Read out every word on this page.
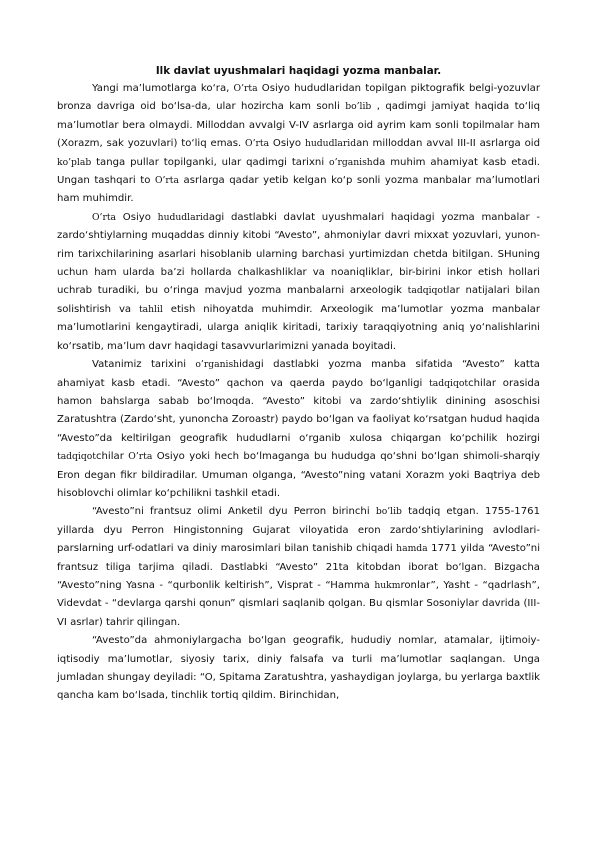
Ilk davlat uyushmalari haqidagi yozma manbalar.

Yangi ma’lumotlarga ko‘ra, O’rta Osiyo hududlaridan topilgan piktografik belgi-yozuvlar bronza davriga oid bo‘lsa-da, ular hozircha kam sonli bo’lib , qadimgi jamiyat haqida to‘liq ma’lumotlar bera olmaydi. Milloddan avvalgi V-IV asrlarga oid ayrim kam sonli topilmalar ham (Xorazm, sak yozuvlari) to‘liq emas. O’rta Osiyo hududlaridan milloddan avval III-II asrlarga oid ko’plab tanga pullar topilganki, ular qadimgi tarixni o’rganishda muhim ahamiyat kasb etadi. Ungan tashqari to O’rta asrlarga qadar yetib kelgan ko‘p sonli yozma manbalar ma’lumotlari ham muhimdir.

O’rta Osiyo hududlaridagi dastlabki davlat uyushmalari haqidagi yozma manbalar - zardo‘shtiylarning muqaddas dinniy kitobi “Avesto”, ahmoniylar davri mixxat yozuvlari, yunon-rim tarixchilarining asarlari hisoblanib ularning barchasi yurtimizdan chetda bitilgan. SHuning uchun ham ularda ba’zi hollarda chalkashliklar va noaniqliklar, bir-birini inkor etish hollari uchrab turadiki, bu o‘ringa mavjud yozma manbalarni arxeologik tadqiqotlar natijalari bilan solishtirish va tahlil etish nihoyatda muhimdir. Arxeologik ma’lumotlar yozma manbalar ma’lumotlarini kengaytiradi, ularga aniqlik kiritadi, tarixiy taraqqiyotning aniq yo‘nalishlarini ko‘rsatib, ma’lum davr haqidagi tasavvurlarimizni yanada boyitadi.

Vatanimiz tarixini o’rganishidagi dastlabki yozma manba sifatida “Avesto” katta ahamiyat kasb etadi. “Avesto” qachon va qaerda paydo bo‘lganligi tadqiqotchilar orasida hamon bahslarga sabab bo‘lmoqda. “Avesto” kitobi va zardo‘shtiylik dinining asoschisi Zaratushtra (Zardo‘sht, yunoncha Zoroastr) paydo bo‘lgan va faoliyat ko‘rsatgan hudud haqida “Avesto”da keltirilgan geografik hududlarni o‘rganib xulosa chiqargan ko‘pchilik hozirgi tadqiqotchilar O’rta Osiyo yoki hech bo‘lmaganga bu hududga qo‘shni bo‘lgan shimoli-sharqiy Eron degan fikr bildiradilar. Umuman olganga, “Avesto”ning vatani Xorazm yoki Baqtriya deb hisoblovchi olimlar ko‘pchilikni tashkil etadi.

“Avesto”ni frantsuz olimi Anketil dyu Perron birinchi bo’lib tadqiq etgan. 1755-1761 yillarda dyu Perron Hingistonning Gujarat viloyatida eron zardo‘shtiylarining avlodlari-parslarning urf-odatlari va diniy marosimlari bilan tanishib chiqadi hamda 1771 yilda “Avesto”ni frantsuz tiliga tarjima qiladi. Dastlabki “Avesto” 21ta kitobdan iborat bo‘lgan. Bizgacha “Avesto”ning Yasna - “qurbonlik keltirish”, Visprat - “Hamma hukmronlar”, Yasht - “qadrlash”, Videvdat - “devlarga qarshi qonun” qismlari saqlanib qolgan. Bu qismlar Sosoniylar davrida (III-VI asrlar) tahrir qilingan.

“Avesto”da ahmoniylargacha bo‘lgan geografik, hududiy nomlar, atamalar, ijtimoiy-iqtisodiy ma’lumotlar, siyosiy tarix, diniy falsafa va turli ma’lumotlar saqlangan. Unga jumladan shungay deyiladi: “O, Spitama Zaratushtra, yashaydigan joylarga, bu yerlarga baxtlik qancha kam bo‘lsada, tinchlik tortiq qildim. Birinchidan,
